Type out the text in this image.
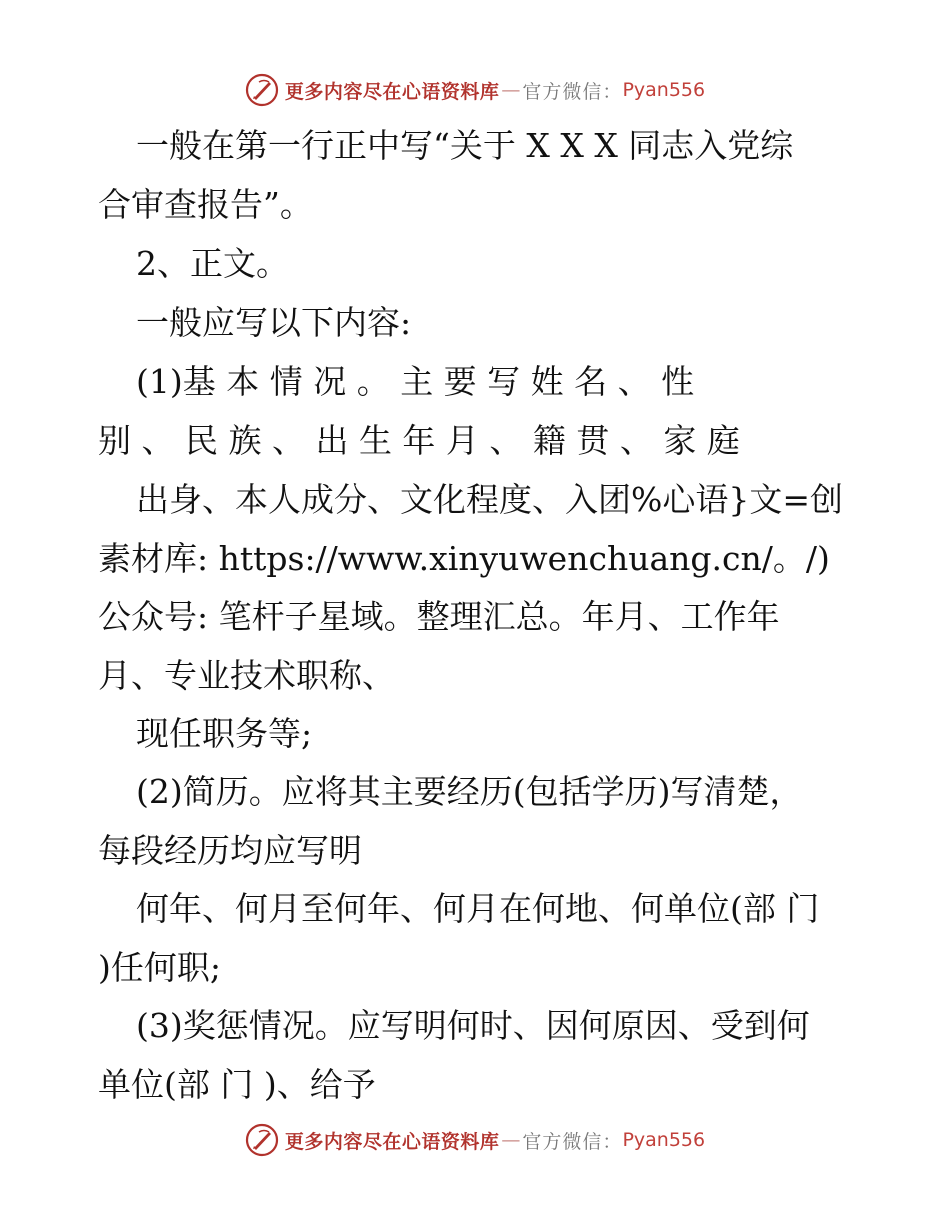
更多内容尽在心语资料库 — 官方微信： Pyan556
一般在第一行正中写“关于 X X X 同志入党综
合审查报告”。
2、正文。
一般应写以下内容:
(1)基 本 情 况 。 主 要 写 姓 名 、 性
别 、 民 族 、 出 生 年 月 、 籍 贯 、 家 庭
出身、本人成分、文化程度、入团%心语}文=创
素材库: https://www.xinyuwenchuang.cn/。/)
公众号: 笔杆子星域。整理汇总。年月、工作年
月、专业技术职称、
现任职务等;
(2)简历。应将其主要经历(包括学历)写清楚，
每段经历均应写明
何年、何月至何年、何月在何地、何单位(部 门
)任何职;
(3)奖惩情况。应写明何时、因何原因、受到何
单位(部 门 )、给予
更多内容尽在心语资料库 — 官方微信： Pyan556
